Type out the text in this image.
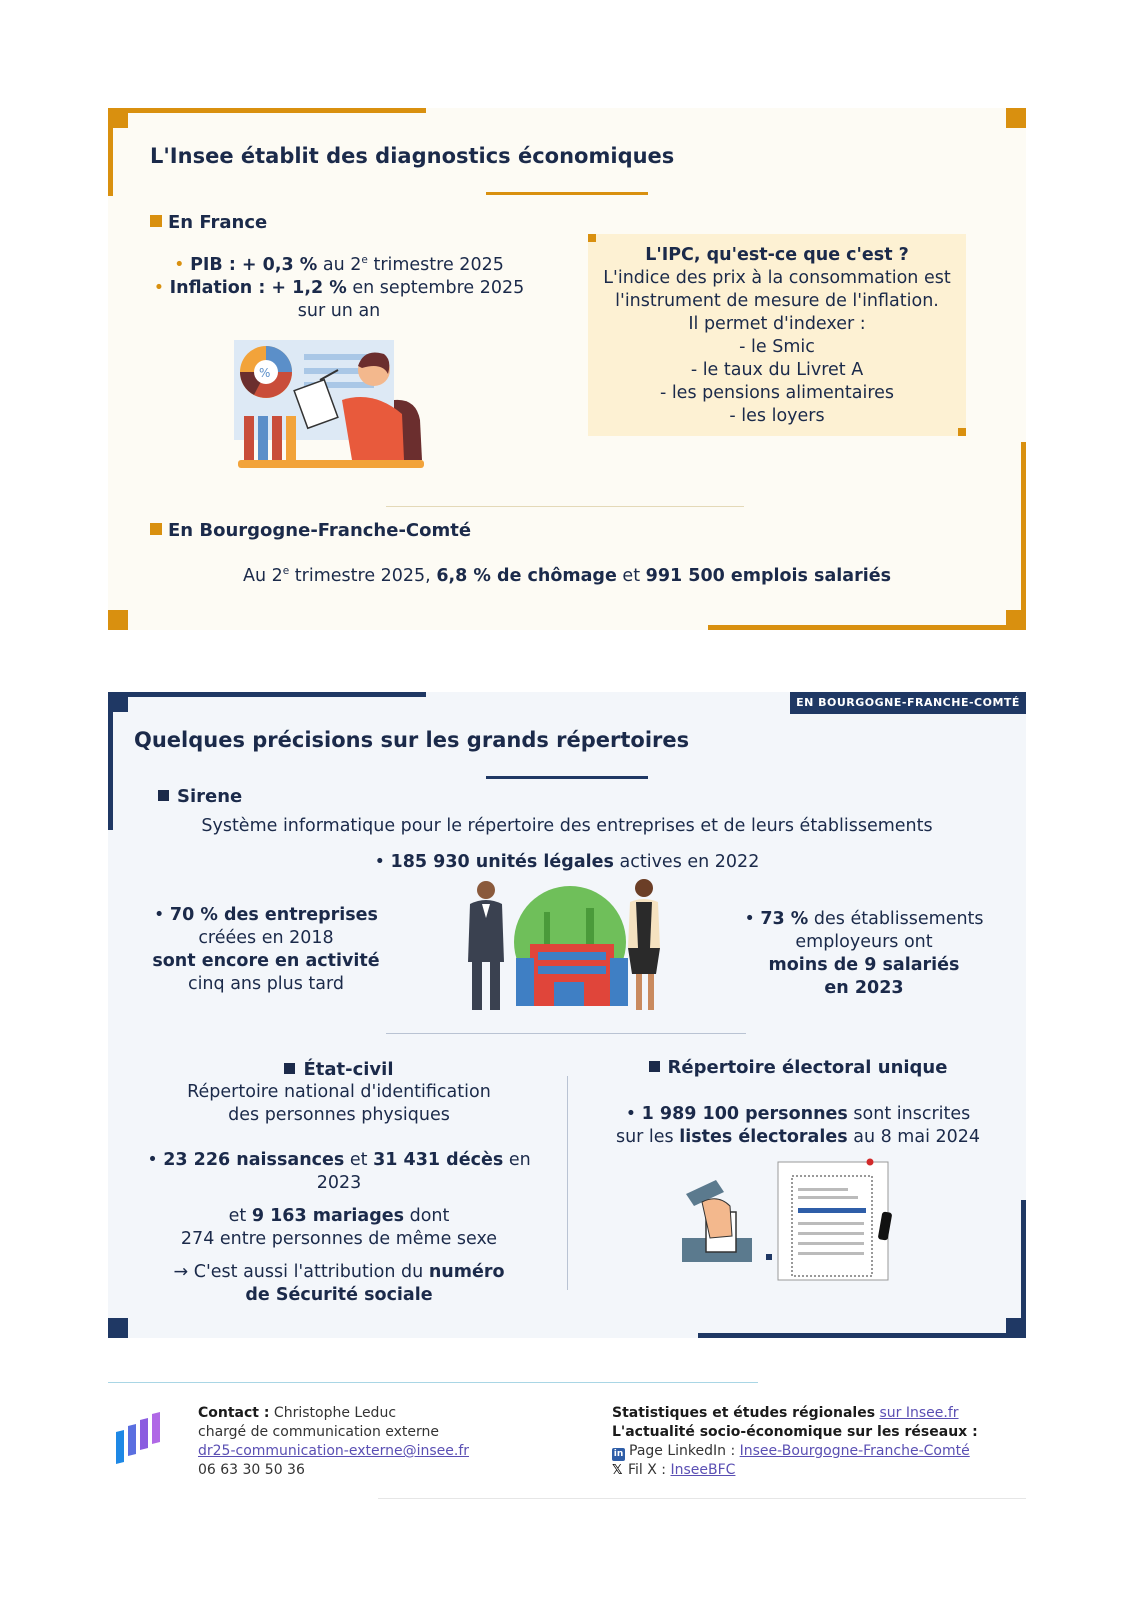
L'Insee établit des diagnostics économiques
En France
• PIB : + 0,3 % au 2e trimestre 2025
• Inflation : + 1,2 % en septembre 2025
sur un an
%
L'IPC, qu'est-ce que c'est ?
L'indice des prix à la consommation est
l'instrument de mesure de l'inflation.
Il permet d'indexer :
- le Smic
- le taux du Livret A
- les pensions alimentaires
- les loyers
En Bourgogne-Franche-Comté
Au 2e trimestre 2025, 6,8 % de chômage et 991 500 emplois salariés
EN BOURGOGNE-FRANCHE-COMTÉ
Quelques précisions sur les grands répertoires
Sirene
Système informatique pour le répertoire des entreprises et de leurs établissements
• 185 930 unités légales actives en 2022
• 70 % des entreprises
créées en 2018
sont encore en activité
cinq ans plus tard
• 73 % des établissements
employeurs ont
moins de 9 salariés
en 2023
État-civil
Répertoire national d'identification
des personnes physiques
• 23 226 naissances et 31 431 décès en 2023
et 9 163 mariages dont
274 entre personnes de même sexe
→ C'est aussi l'attribution du numéro
de Sécurité sociale
Répertoire électoral unique
• 1 989 100 personnes sont inscrites
sur les listes électorales au 8 mai 2024
Contact : Christophe Leduc
chargé de communication externe
dr25-communication-externe@insee.fr
06 63 30 50 36
Statistiques et études régionales sur Insee.fr
L'actualité socio-économique sur les réseaux :
in Page LinkedIn : Insee-Bourgogne-Franche-Comté
𝕏 Fil X : InseeBFC
